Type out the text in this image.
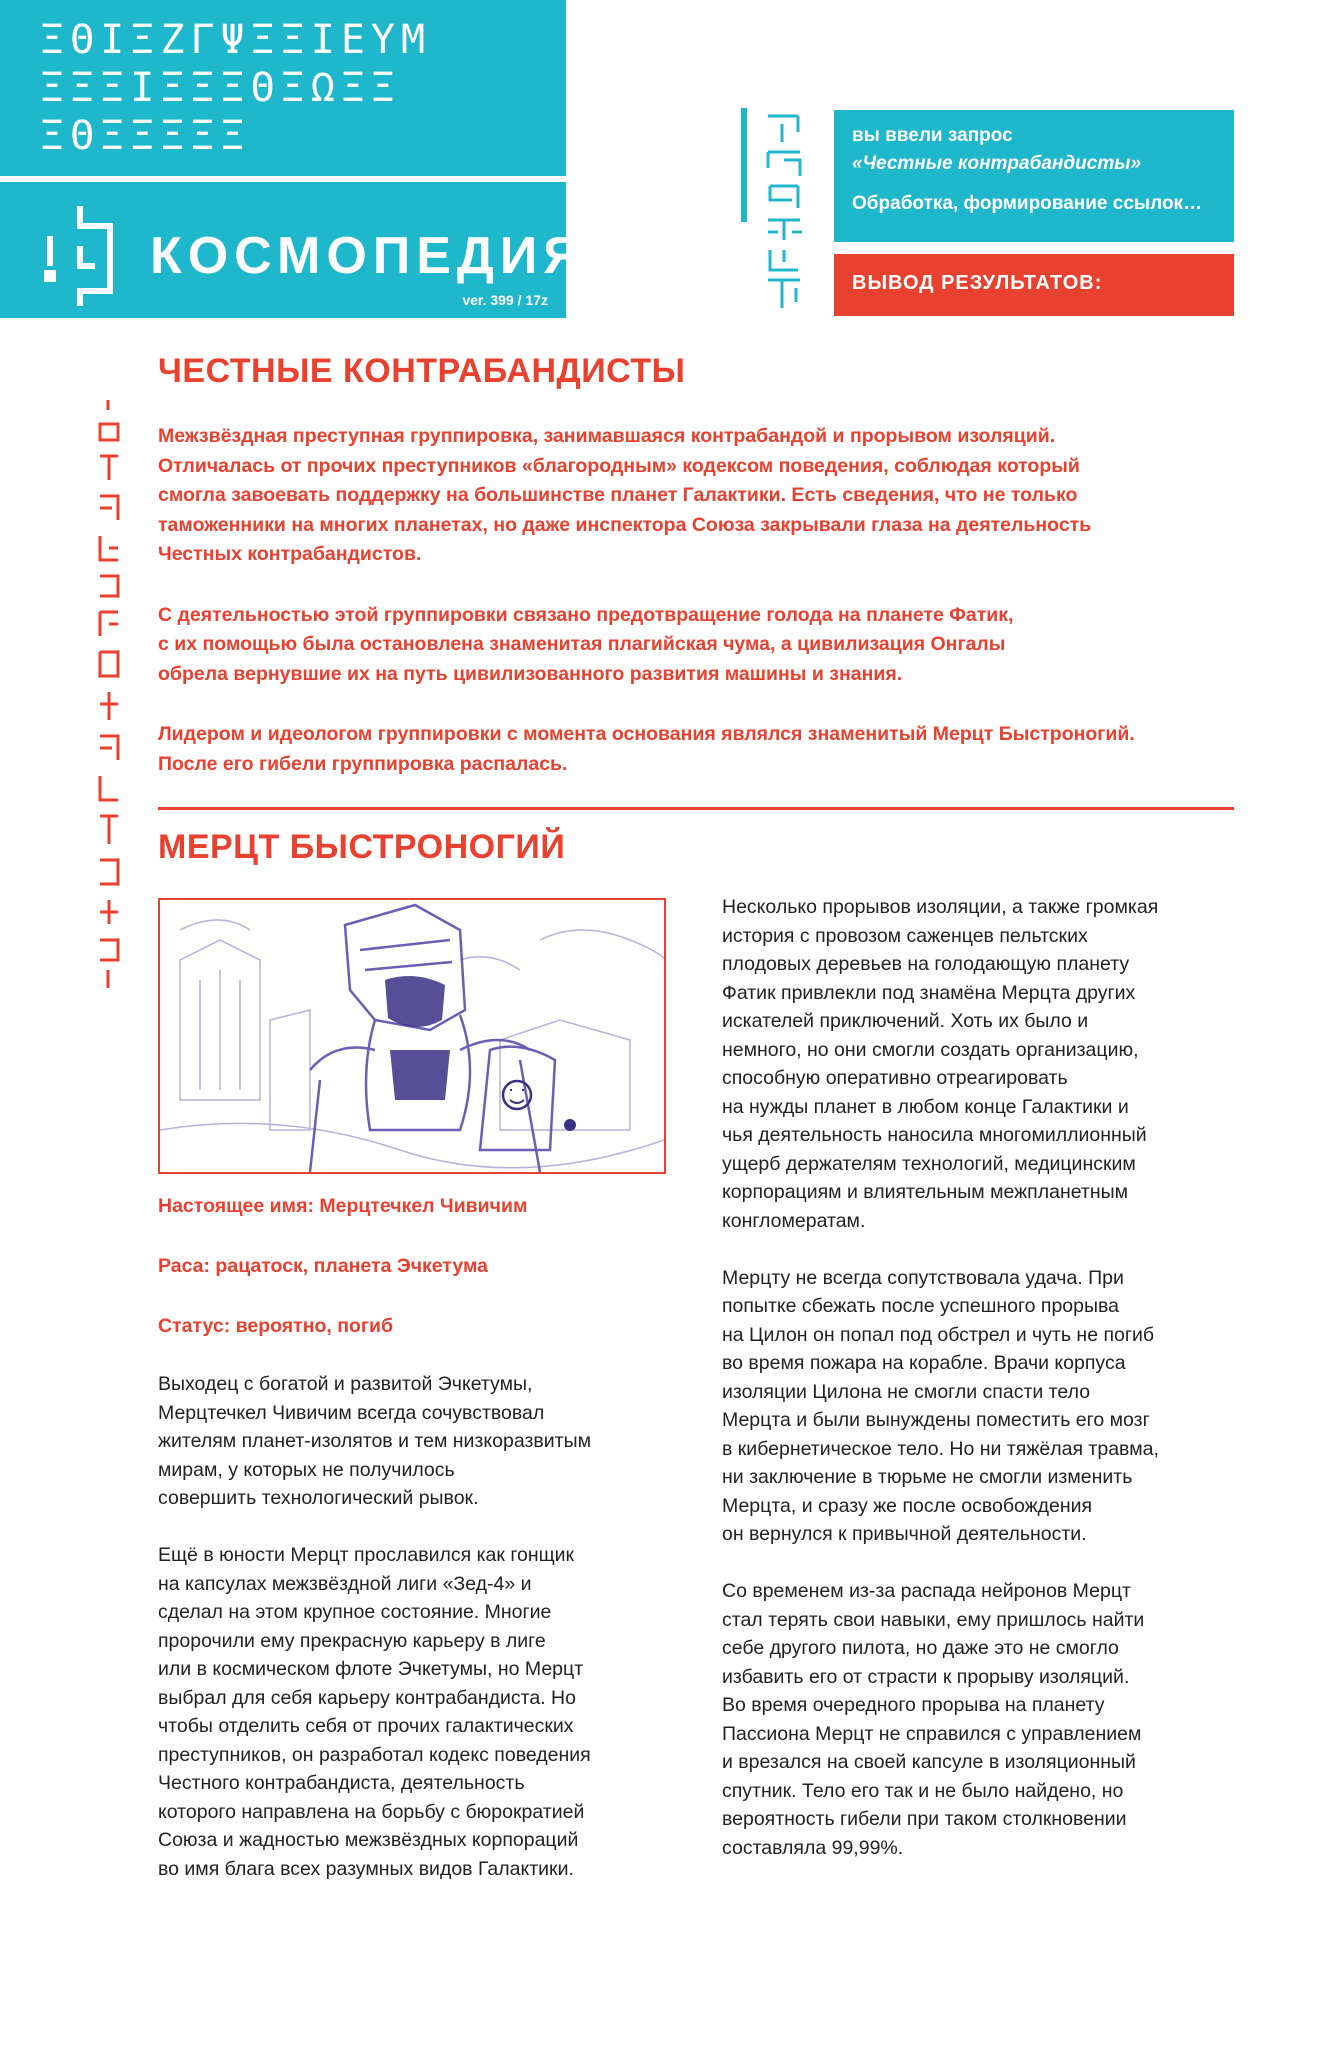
ΞΘΙΞΖΓΨΞΞΙΕΥΜ
ΞΞΞΙΞΞΞΘΞΩΞΞ
ΞΘΞΞΞΞΞ
КОСМОПЕДИЯ
ver. 399 / 17z
вы ввели запрос
«Честные контрабандисты»
Обработка, формирование ссылок…
ВЫВОД РЕЗУЛЬТАТОВ:
ЧЕСТНЫЕ КОНТРАБАНДИСТЫ

Межзвёздная преступная группировка, занимавшаяся контрабандой и прорывом изоляций.
Отличалась от прочих преступников «благородным» кодексом поведения, соблюдая который
смогла завоевать поддержку на большинстве планет Галактики. Есть сведения, что не только
таможенники на многих планетах, но даже инспектора Союза закрывали глаза на деятельность
Честных контрабандистов.

С деятельностью этой группировки связано предотвращение голода на планете Фатик,
с их помощью была остановлена знаменитая плагийская чума, а цивилизация Онгалы
обрела вернувшие их на путь цивилизованного развития машины и знания.

Лидером и идеологом группировки с момента основания являлся знаменитый Мерцт Быстроногий.
После его гибели группировка распалась.

МЕРЦТ БЫСТРОНОГИЙ
Настоящее имя: Мерцтечкел Чивичим
Раса: рацатоск, планета Эчкетума
Статус: вероятно, погиб

Выходец с богатой и развитой Эчкетумы,
Мерцтечкел Чивичим всегда сочувствовал
жителям планет-изолятов и тем низкоразвитым
мирам, у которых не получилось
совершить технологический рывок.

Ещё в юности Мерцт прославился как гонщик
на капсулах межзвёздной лиги «Зед-4» и
сделал на этом крупное состояние. Многие
пророчили ему прекрасную карьеру в лиге
или в космическом флоте Эчкетумы, но Мерцт
выбрал для себя карьеру контрабандиста. Но
чтобы отделить себя от прочих галактических
преступников, он разработал кодекс поведения
Честного контрабандиста, деятельность
которого направлена на борьбу с бюрократией
Союза и жадностью межзвёздных корпораций
во имя блага всех разумных видов Галактики.

Несколько прорывов изоляции, а также громкая
история с провозом саженцев пельтских
плодовых деревьев на голодающую планету
Фатик привлекли под знамёна Мерцта других
искателей приключений. Хоть их было и
немного, но они смогли создать организацию,
способную оперативно отреагировать
на нужды планет в любом конце Галактики и
чья деятельность наносила многомиллионный
ущерб держателям технологий, медицинским
корпорациям и влиятельным межпланетным
конгломератам.

Мерцту не всегда сопутствовала удача. При
попытке сбежать после успешного прорыва
на Цилон он попал под обстрел и чуть не погиб
во время пожара на корабле. Врачи корпуса
изоляции Цилона не смогли спасти тело
Мерцта и были вынуждены поместить его мозг
в кибернетическое тело. Но ни тяжёлая травма,
ни заключение в тюрьме не смогли изменить
Мерцта, и сразу же после освобождения
он вернулся к привычной деятельности.

Со временем из-за распада нейронов Мерцт
стал терять свои навыки, ему пришлось найти
себе другого пилота, но даже это не смогло
избавить его от страсти к прорыву изоляций.
Во время очередного прорыва на планету
Пассиона Мерцт не справился с управлением
и врезался на своей капсуле в изоляционный
спутник. Тело его так и не было найдено, но
вероятность гибели при таком столкновении
составляла 99,99%.
